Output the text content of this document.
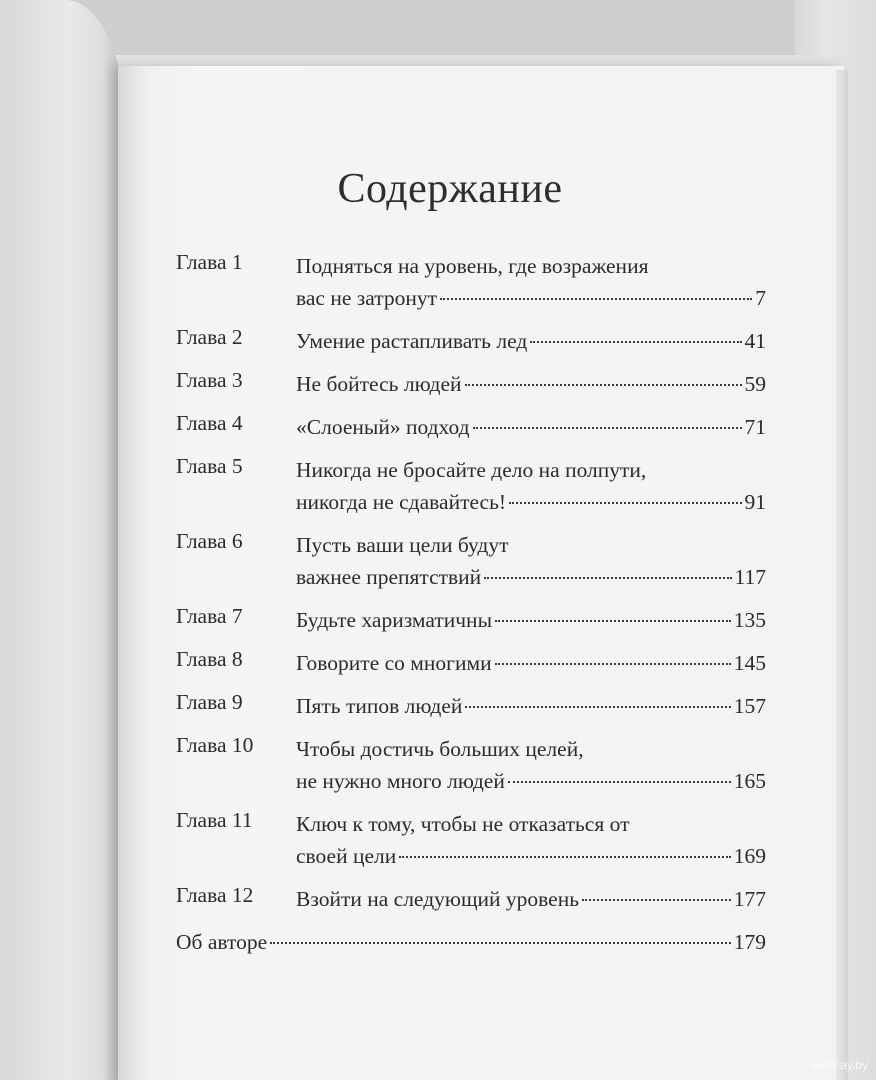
Содержание
Глава 1	Подняться на уровень, где возражения
вас не затронут	7
Глава 2	Умение растапливать лед	41
Глава 3	Не бойтесь людей	59
Глава 4	«Слоеный» подход	71
Глава 5	Никогда не бросайте дело на полпути,
никогда не сдавайтесь!	91
Глава 6	Пусть ваши цели будут
важнее препятствий	117
Глава 7	Будьте харизматичны	135
Глава 8	Говорите со многими	145
Глава 9	Пять типов людей	157
Глава 10	Чтобы достичь больших целей,
не нужно много людей	165
Глава 11	Ключ к тому, чтобы не отказаться от
своей цели	169
Глава 12	Взойти на следующий уровень	177
Об авторе	179
www.ay.by
